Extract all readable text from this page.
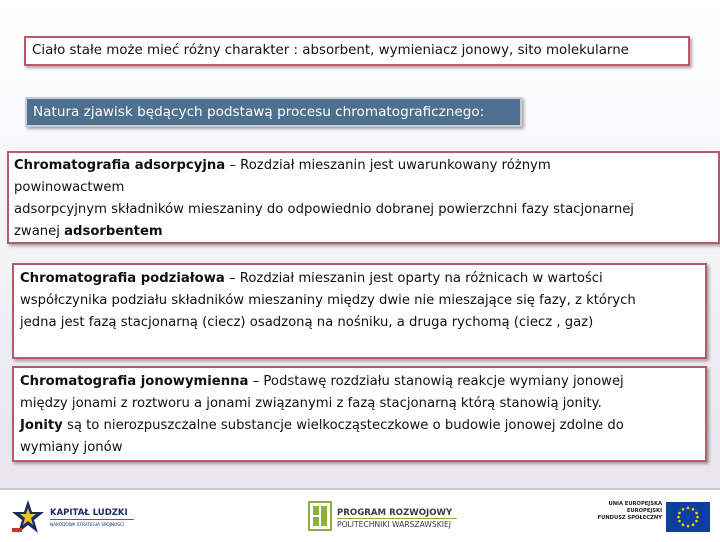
Ciało stałe może mieć różny charakter : absorbent, wymieniacz jonowy, sito molekularne
Natura zjawisk będących podstawą procesu chromatograficznego:
Chromatografia adsorpcyjna – Rozdział mieszanin jest uwarunkowany różnym
powinowactwem
adsorpcyjnym składników mieszaniny do odpowiednio dobranej powierzchni fazy stacjonarnej
zwanej adsorbentem
Chromatografia podziałowa – Rozdział mieszanin jest oparty na różnicach w wartości
współczynika podziału składników mieszaniny między dwie nie mieszające się fazy, z których
jedna jest fazą stacjonarną (ciecz) osadzoną na nośniku, a druga rychomą (ciecz , gaz)
Chromatografia jonowymienna – Podstawę rozdziału stanowią reakcje wymiany jonowej
między jonami z roztworu a jonami związanymi z fazą stacjonarną którą stanowią jonity.
Jonity są to nierozpuszczalne substancje wielkocząsteczkowe o budowie jonowej zdolne do
wymiany jonów
KAPITAŁ LUDZKI
NARODOWA STRATEGIA SPÓJNOŚCI
PROGRAM ROZWOJOWY
POLITECHNIKI WARSZAWSKIEJ
UNIA EUROPEJSKA
EUROPEJSKI
FUNDUSZ SPOŁECZNY
